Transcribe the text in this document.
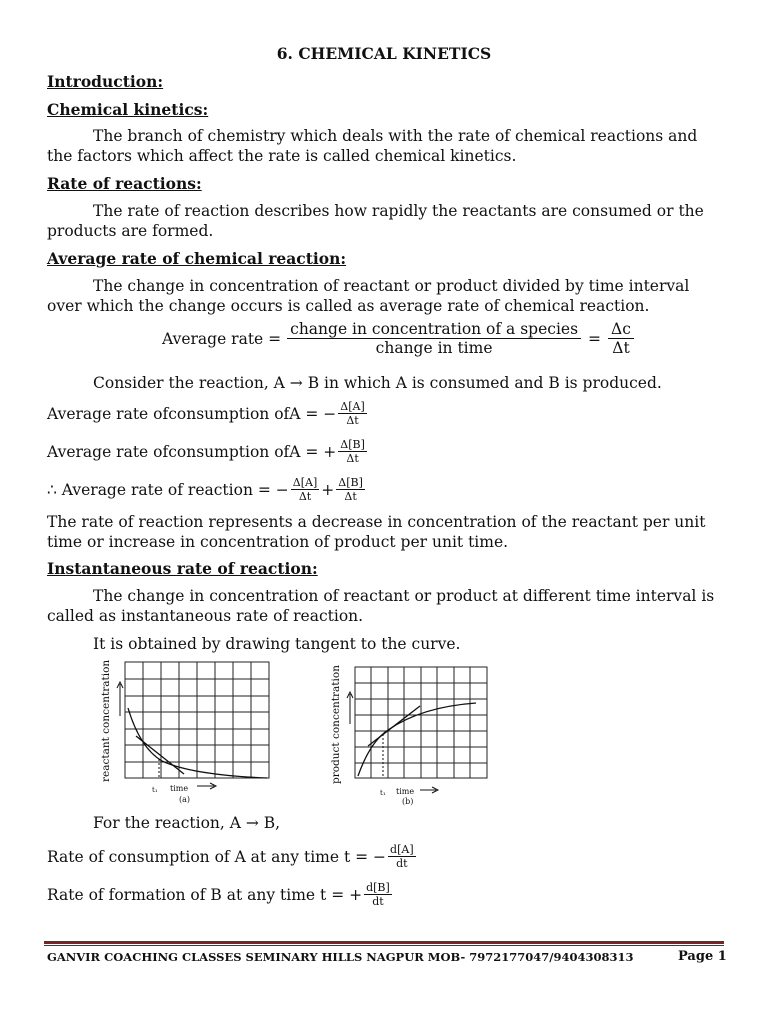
6. CHEMICAL KINETICS
Introduction:
Chemical kinetics:
The branch of chemistry which deals with the rate of chemical reactions and the factors which affect the rate is called chemical kinetics.
Rate of reactions:
The rate of reaction describes how rapidly the reactants are consumed or the products are formed.
Average rate of chemical reaction:
The change in concentration of reactant or product divided by time interval over which the change occurs is called as average rate of chemical reaction.
Average rate = $\frac{\text{change in concentration of a species}}{\text{change in time}} = \frac{\Delta c}{\Delta t}$
Consider the reaction, A → B in which A is consumed and B is produced.
Average rate ofconsumption ofA = − $\frac{\Delta[A]}{\Delta t}$
Average rate ofconsumption ofA = + $\frac{\Delta[B]}{\Delta t}$
∴ Average rate of reaction = − $\frac{\Delta[A]}{\Delta t} + \frac{\Delta[B]}{\Delta t}$
The rate of reaction represents a decrease in concentration of the reactant per unit time or increase in concentration of product per unit time.
Instantaneous rate of reaction:
The change in concentration of reactant or product at different time interval is called as instantaneous rate of reaction.
It is obtained by drawing tangent to the curve.
reactant concentration
t₁ time
(a)
product concentration
t₁ time
(b)
For the reaction, A → B,
Rate of consumption of A at any time t = − $\frac{d[A]}{dt}$
Rate of formation of B at any time t = + $\frac{d[B]}{dt}$
GANVIR COACHING CLASSES SEMINARY HILLS NAGPUR MOB- 7972177047/9404308313	Page 1
